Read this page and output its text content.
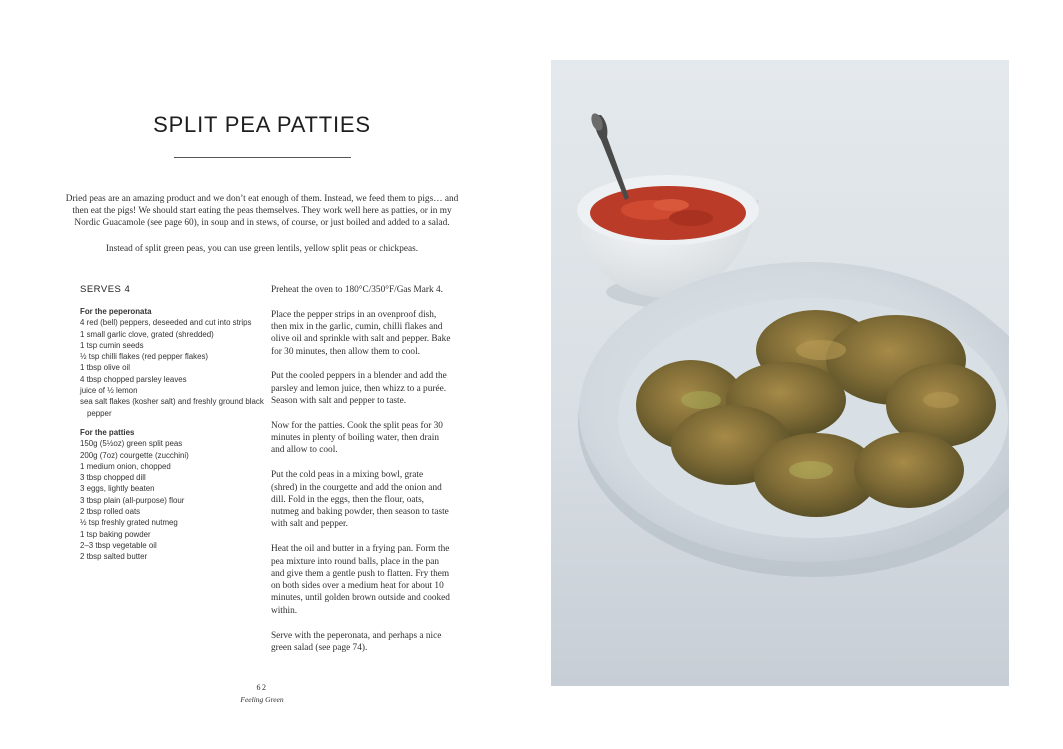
SPLIT PEA PATTIES

Dried peas are an amazing product and we don’t eat enough of them. Instead, we feed them to pigs… and then eat the pigs! We should start eating the peas themselves. They work well here as patties, or in my Nordic Guacamole (see page 60), in soup and in stews, of course, or just boiled and added to a salad.

Instead of split green peas, you can use green lentils, yellow split peas or chickpeas.

SERVES 4
For the peperonata
4 red (bell) peppers, deseeded and cut into strips
1 small garlic clove, grated (shredded)
1 tsp cumin seeds
½ tsp chilli flakes (red pepper flakes)
1 tbsp olive oil
4 tbsp chopped parsley leaves
juice of ½ lemon
sea salt flakes (kosher salt) and freshly ground black pepper
For the patties
150g (5½oz) green split peas
200g (7oz) courgette (zucchini)
1 medium onion, chopped
3 tbsp chopped dill
3 eggs, lightly beaten
3 tbsp plain (all-purpose) flour
2 tbsp rolled oats
½ tsp freshly grated nutmeg
1 tsp baking powder
2–3 tbsp vegetable oil
2 tbsp salted butter

Preheat the oven to 180°C/350°F/Gas Mark 4.

Place the pepper strips in an ovenproof dish, then mix in the garlic, cumin, chilli flakes and olive oil and sprinkle with salt and pepper. Bake for 30 minutes, then allow them to cool.

Put the cooled peppers in a blender and add the parsley and lemon juice, then whizz to a purée. Season with salt and pepper to taste.

Now for the patties. Cook the split peas for 30 minutes in plenty of boiling water, then drain and allow to cool.

Put the cold peas in a mixing bowl, grate (shred) in the courgette and add the onion and dill. Fold in the eggs, then the flour, oats, nutmeg and baking powder, then season to taste with salt and pepper.

Heat the oil and butter in a frying pan. Form the pea mixture into round balls, place in the pan and give them a gentle push to flatten. Fry them on both sides over a medium heat for about 10 minutes, until golden brown outside and cooked within.

Serve with the peperonata, and perhaps a nice green salad (see page 74).

62

Feeling Green
